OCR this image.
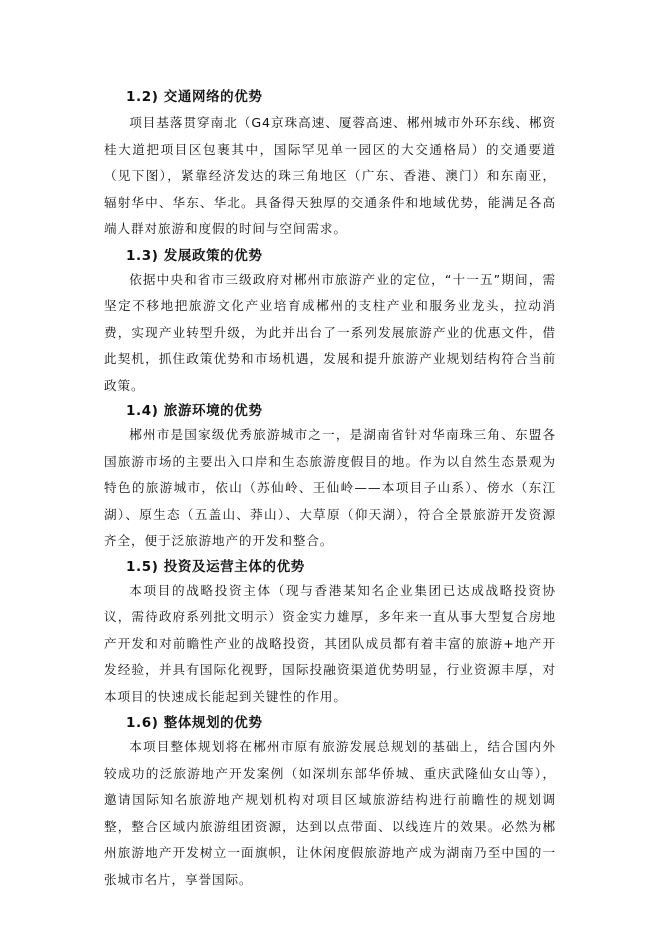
1.2) 交通网络的优势

项目基落贯穿南北（G4京珠高速、厦蓉高速、郴州城市外环东线、郴资桂大道把项目区包裹其中，国际罕见单一园区的大交通格局）的交通要道（见下图），紧靠经济发达的珠三角地区（广东、香港、澳门）和东南亚，辐射华中、华东、华北。具备得天独厚的交通条件和地域优势，能满足各高端人群对旅游和度假的时间与空间需求。

1.3) 发展政策的优势

依据中央和省市三级政府对郴州市旅游产业的定位，“十一五”期间，需坚定不移地把旅游文化产业培育成郴州的支柱产业和服务业龙头，拉动消费，实现产业转型升级，为此并出台了一系列发展旅游产业的优惠文件，借此契机，抓住政策优势和市场机遇，发展和提升旅游产业规划结构符合当前政策。

1.4) 旅游环境的优势

郴州市是国家级优秀旅游城市之一，是湖南省针对华南珠三角、东盟各国旅游市场的主要出入口岸和生态旅游度假目的地。作为以自然生态景观为特色的旅游城市，依山（苏仙岭、王仙岭——本项目子山系）、傍水（东江湖）、原生态（五盖山、莽山）、大草原（仰天湖），符合全景旅游开发资源齐全，便于泛旅游地产的开发和整合。

1.5) 投资及运营主体的优势

本项目的战略投资主体（现与香港某知名企业集团已达成战略投资协议，需待政府系列批文明示）资金实力雄厚，多年来一直从事大型复合房地产开发和对前瞻性产业的战略投资，其团队成员都有着丰富的旅游+地产开发经验，并具有国际化视野，国际投融资渠道优势明显，行业资源丰厚，对本项目的快速成长能起到关键性的作用。

1.6) 整体规划的优势

本项目整体规划将在郴州市原有旅游发展总规划的基础上，结合国内外较成功的泛旅游地产开发案例（如深圳东部华侨城、重庆武隆仙女山等），邀请国际知名旅游地产规划机构对项目区域旅游结构进行前瞻性的规划调整，整合区域内旅游组团资源，达到以点带面、以线连片的效果。必然为郴州旅游地产开发树立一面旗帜，让休闲度假旅游地产成为湖南乃至中国的一张城市名片，享誉国际。
